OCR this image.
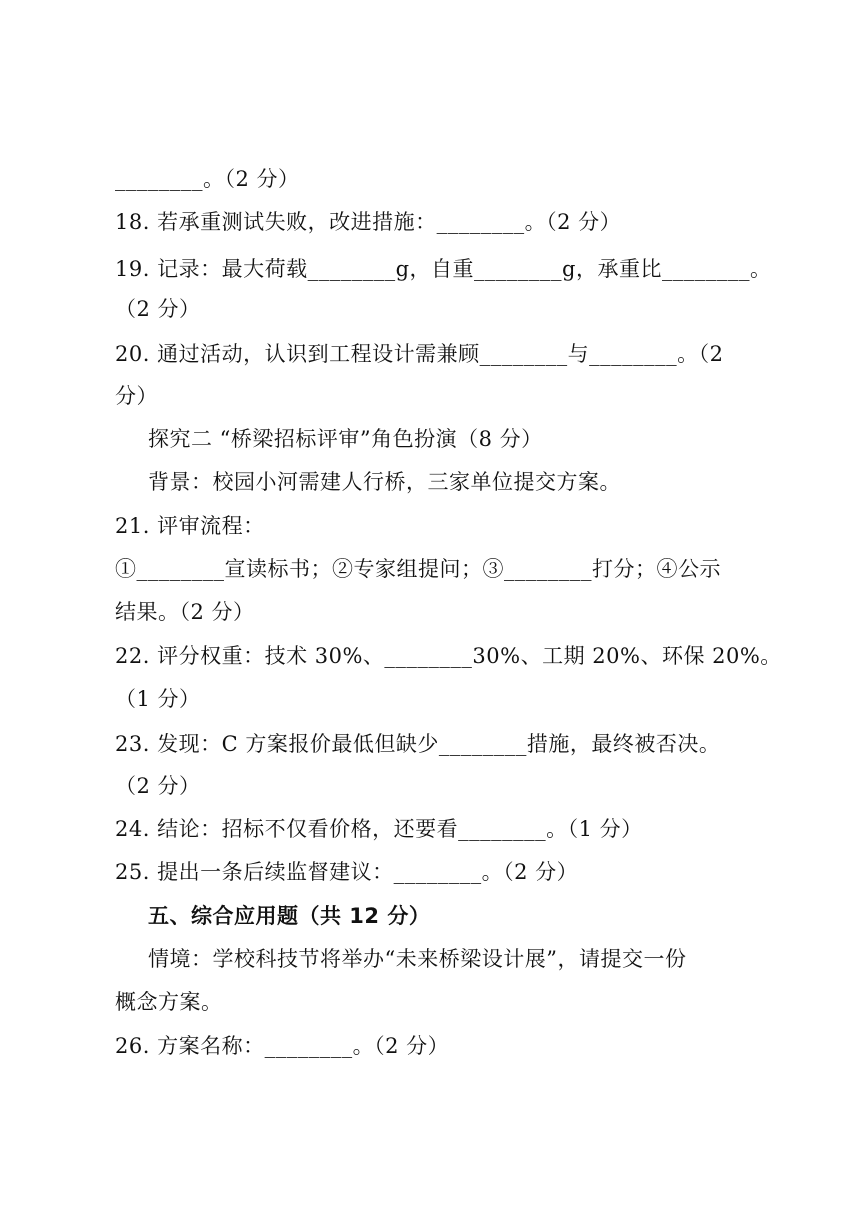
________。（2 分）
18. 若承重测试失败，改进措施：________。（2 分）
19. 记录：最大荷载________g，自重________g，承重比________。
（2 分）
20. 通过活动，认识到工程设计需兼顾________与________。（2
分）
探究二 “桥梁招标评审”角色扮演（8 分）
背景：校园小河需建人行桥，三家单位提交方案。
21. 评审流程：
①________宣读标书；②专家组提问；③________打分；④公示
结果。（2 分）
22. 评分权重：技术 30%、________30%、工期 20%、环保 20%。
（1 分）
23. 发现：C 方案报价最低但缺少________措施，最终被否决。
（2 分）
24. 结论：招标不仅看价格，还要看________。（1 分）
25. 提出一条后续监督建议：________。（2 分）
五、综合应用题（共 12 分）
情境：学校科技节将举办“未来桥梁设计展”，请提交一份
概念方案。
26. 方案名称：________。（2 分）
